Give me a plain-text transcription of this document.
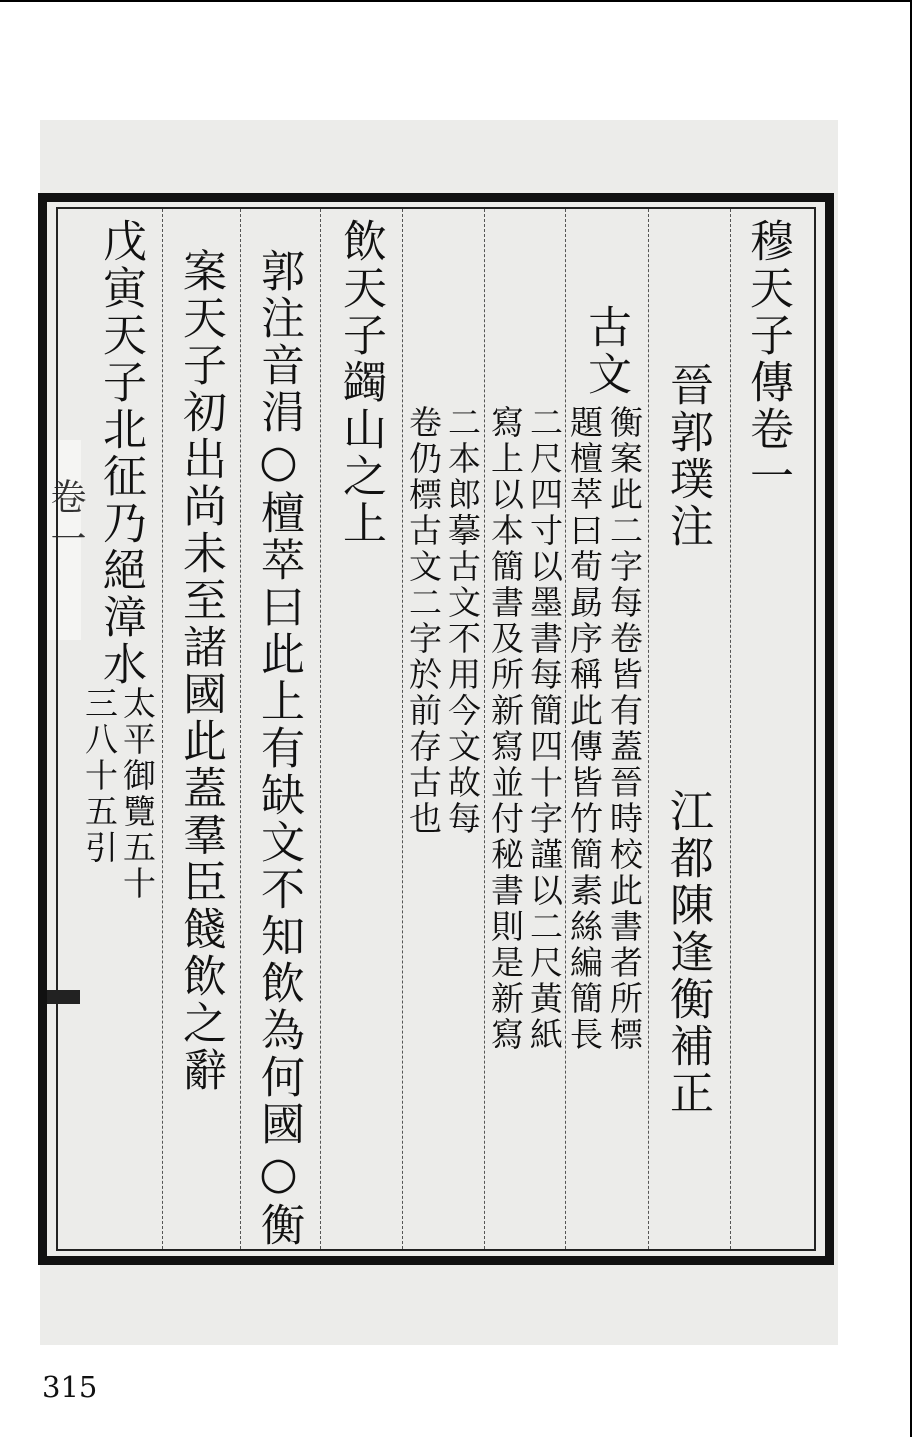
卷一
穆天子傳卷一
晉郭璞注
江都陳逢衡補正
古文
衡案此二字每卷皆有蓋晉時校此書者所標
題檀萃曰荀勗序稱此傳皆竹簡素絲編簡長
二尺四寸以墨書每簡四十字謹以二尺黃紙
寫上以本簡書及所新寫並付秘書則是新寫
二本郎摹古文不用今文故每
卷仍標古文二字於前存古也
飲天子蠲山之上
郭注音涓○檀萃曰此上有缺文不知飲為何國○衡
案天子初出尚未至諸國此蓋羣臣餞飲之辭
戊寅天子北征乃絕漳水
太平御覽五十
三八十五引
315
